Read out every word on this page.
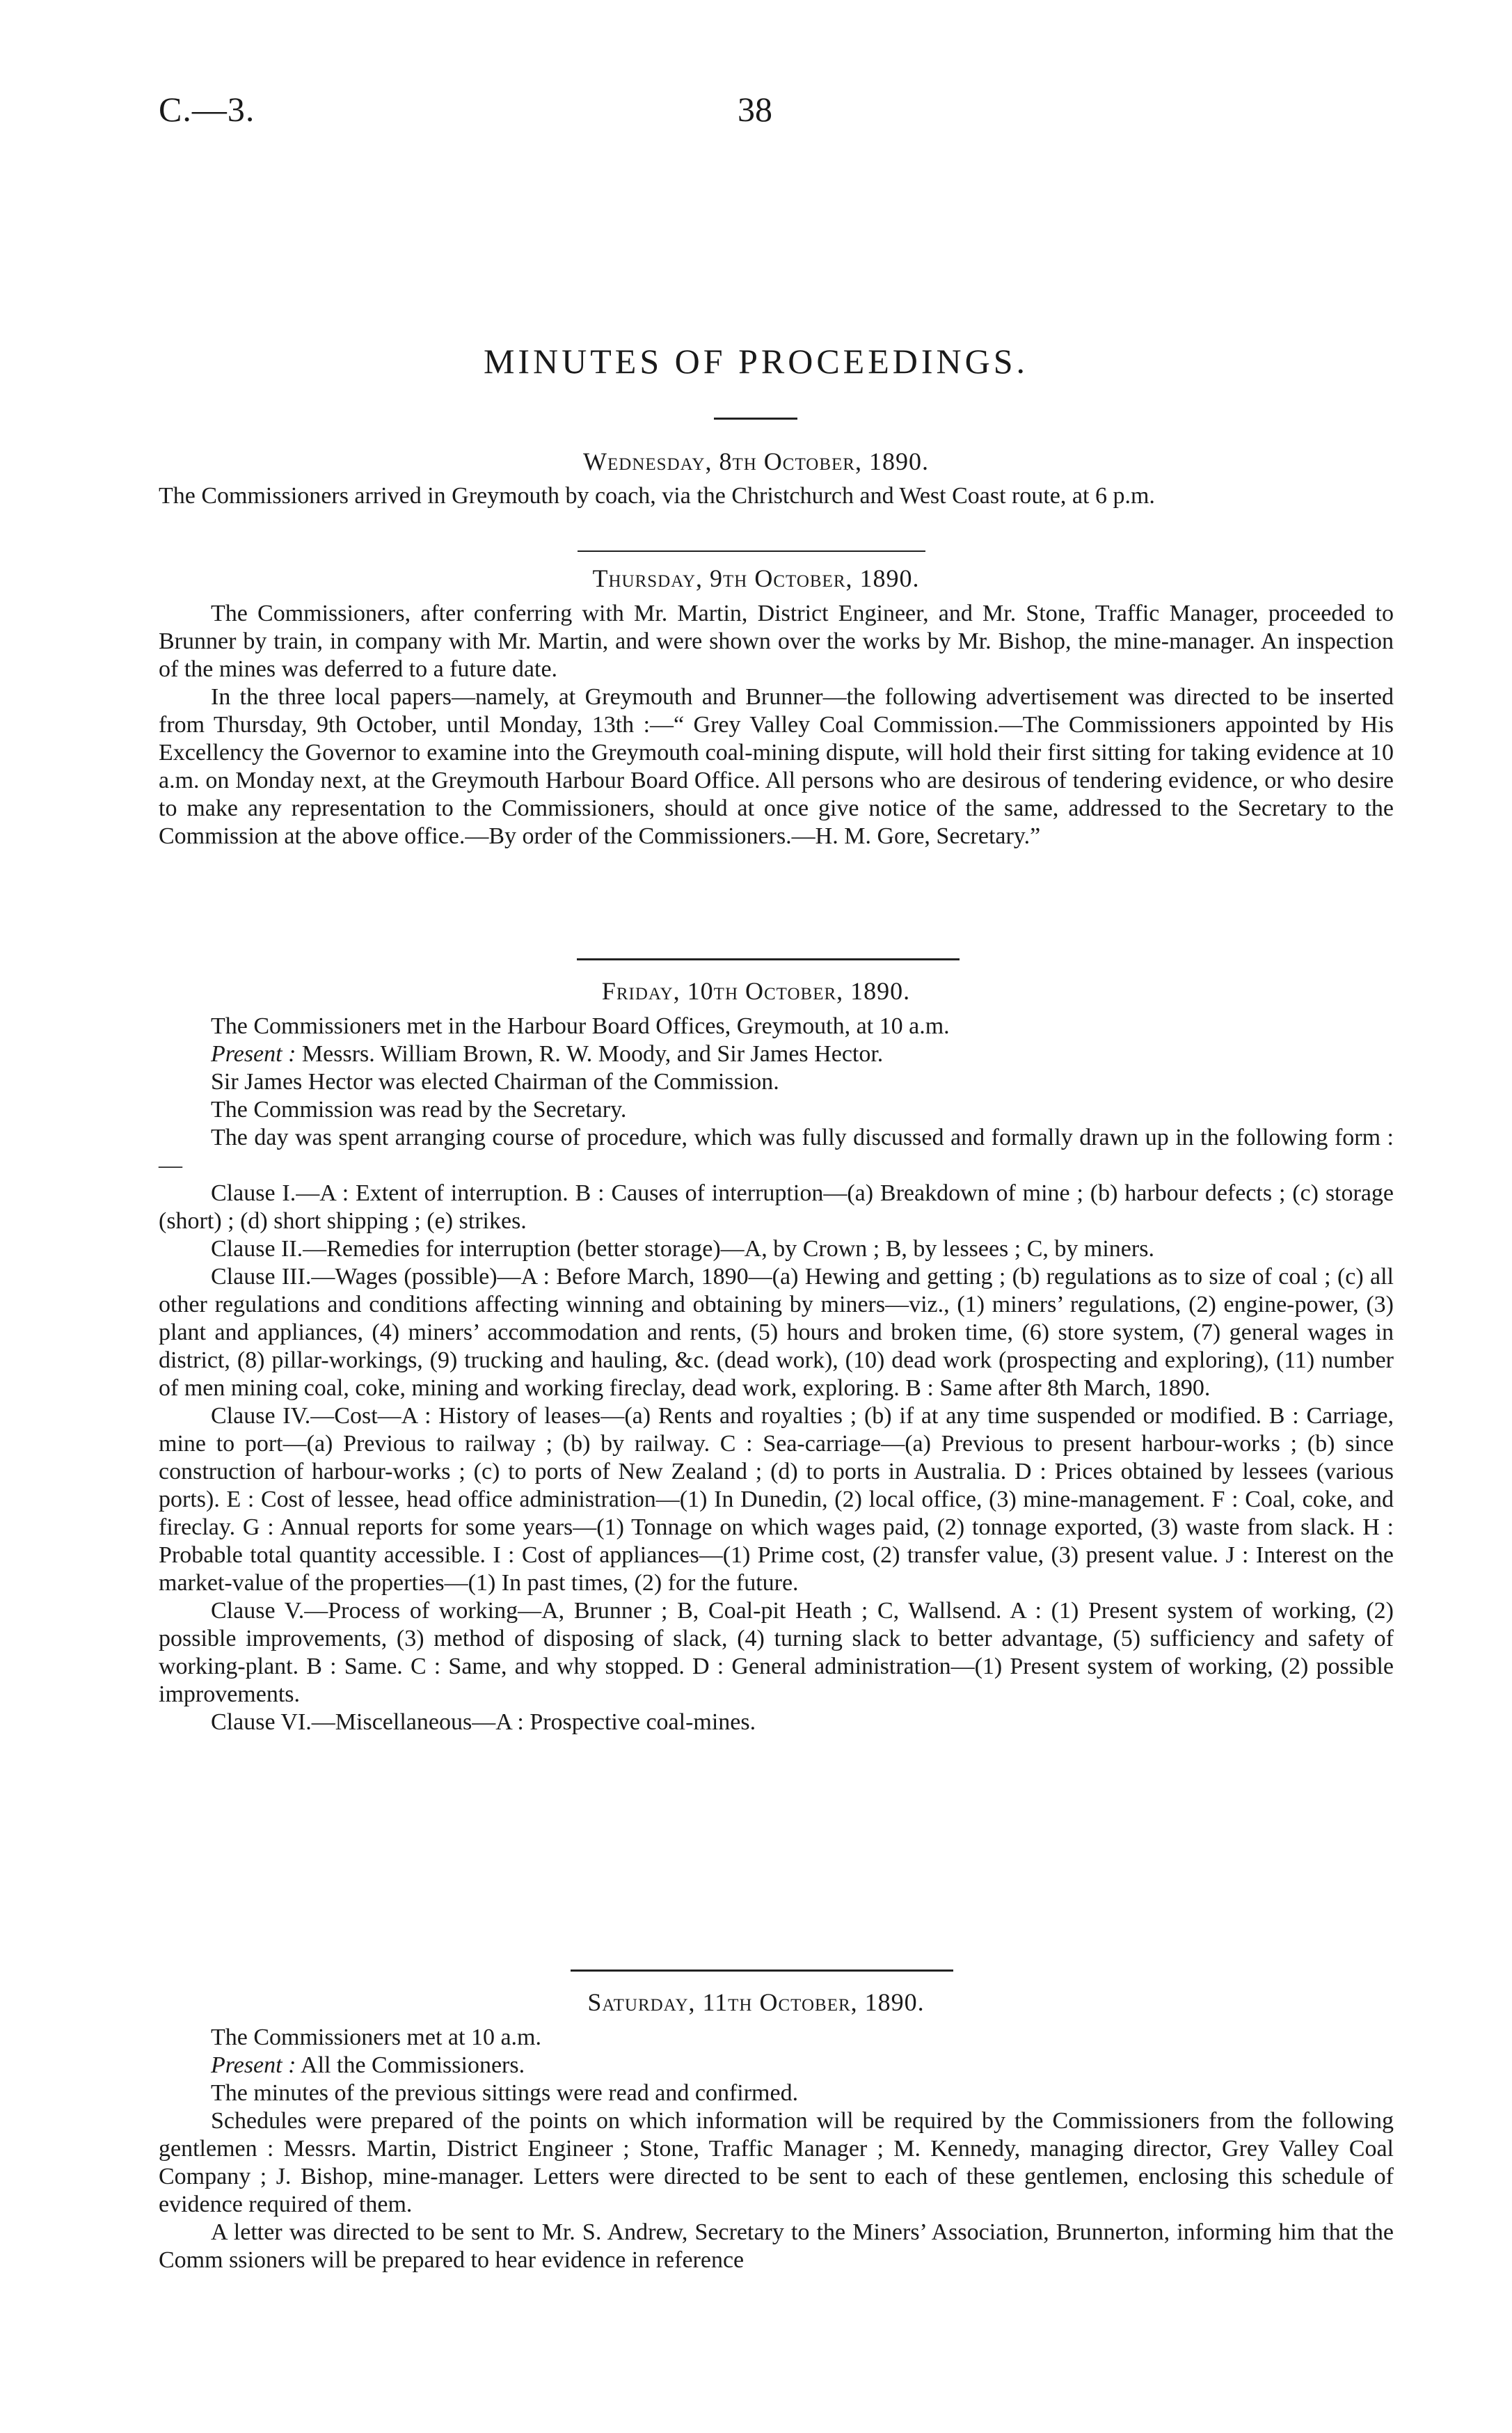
C.—3.	38
MINUTES OF PROCEEDINGS.
Wednesday, 8th October, 1890.

The Commissioners arrived in Greymouth by coach, via the Christchurch and West Coast route, at 6 p.m.

Thursday, 9th October, 1890.

The Commissioners, after conferring with Mr. Martin, District Engineer, and Mr. Stone, Traffic Manager, proceeded to Brunner by train, in company with Mr. Martin, and were shown over the works by Mr. Bishop, the mine-manager. An inspection of the mines was deferred to a future date.

In the three local papers—namely, at Greymouth and Brunner—the following advertisement was directed to be inserted from Thursday, 9th October, until Monday, 13th :—“ Grey Valley Coal Commission.—The Commissioners appointed by His Excellency the Governor to examine into the Greymouth coal-mining dispute, will hold their first sitting for taking evidence at 10 a.m. on Monday next, at the Greymouth Harbour Board Office. All persons who are desirous of tendering evidence, or who desire to make any representation to the Commissioners, should at once give notice of the same, addressed to the Secretary to the Commission at the above office.—By order of the Commissioners.—H. M. Gore, Secretary.”

Friday, 10th October, 1890.

The Commissioners met in the Harbour Board Offices, Greymouth, at 10 a.m.

Present : Messrs. William Brown, R. W. Moody, and Sir James Hector.

Sir James Hector was elected Chairman of the Commission.

The Commission was read by the Secretary.

The day was spent arranging course of procedure, which was fully discussed and formally drawn up in the following form :—

Clause I.—A : Extent of interruption. B : Causes of interruption—(a) Breakdown of mine ; (b) harbour defects ; (c) storage (short) ; (d) short shipping ; (e) strikes.

Clause II.—Remedies for interruption (better storage)—A, by Crown ; B, by lessees ; C, by miners.

Clause III.—Wages (possible)—A : Before March, 1890—(a) Hewing and getting ; (b) regulations as to size of coal ; (c) all other regulations and conditions affecting winning and obtaining by miners—viz., (1) miners’ regulations, (2) engine-power, (3) plant and appliances, (4) miners’ accommodation and rents, (5) hours and broken time, (6) store system, (7) general wages in district, (8) pillar-workings, (9) trucking and hauling, &c. (dead work), (10) dead work (prospecting and exploring), (11) number of men mining coal, coke, mining and working fireclay, dead work, exploring. B : Same after 8th March, 1890.

Clause IV.—Cost—A : History of leases—(a) Rents and royalties ; (b) if at any time suspended or modified. B : Carriage, mine to port—(a) Previous to railway ; (b) by railway. C : Sea-carriage—(a) Previous to present harbour-works ; (b) since construction of harbour-works ; (c) to ports of New Zealand ; (d) to ports in Australia. D : Prices obtained by lessees (various ports). E : Cost of lessee, head office administration—(1) In Dunedin, (2) local office, (3) mine-management. F : Coal, coke, and fireclay. G : Annual reports for some years—(1) Tonnage on which wages paid, (2) tonnage exported, (3) waste from slack. H : Probable total quantity accessible. I : Cost of appliances—(1) Prime cost, (2) transfer value, (3) present value. J : Interest on the market-value of the properties—(1) In past times, (2) for the future.

Clause V.—Process of working—A, Brunner ; B, Coal-pit Heath ; C, Wallsend. A : (1) Present system of working, (2) possible improvements, (3) method of disposing of slack, (4) turning slack to better advantage, (5) sufficiency and safety of working-plant. B : Same. C : Same, and why stopped. D : General administration—(1) Present system of working, (2) possible improvements.

Clause VI.—Miscellaneous—A : Prospective coal-mines.

Saturday, 11th October, 1890.

The Commissioners met at 10 a.m.

Present : All the Commissioners.

The minutes of the previous sittings were read and confirmed.

Schedules were prepared of the points on which information will be required by the Commissioners from the following gentlemen : Messrs. Martin, District Engineer ; Stone, Traffic Manager ; M. Kennedy, managing director, Grey Valley Coal Company ; J. Bishop, mine-manager. Letters were directed to be sent to each of these gentlemen, enclosing this schedule of evidence required of them.

A letter was directed to be sent to Mr. S. Andrew, Secretary to the Miners’ Association, Brunnerton, informing him that the Comm ssioners will be prepared to hear evidence in reference
